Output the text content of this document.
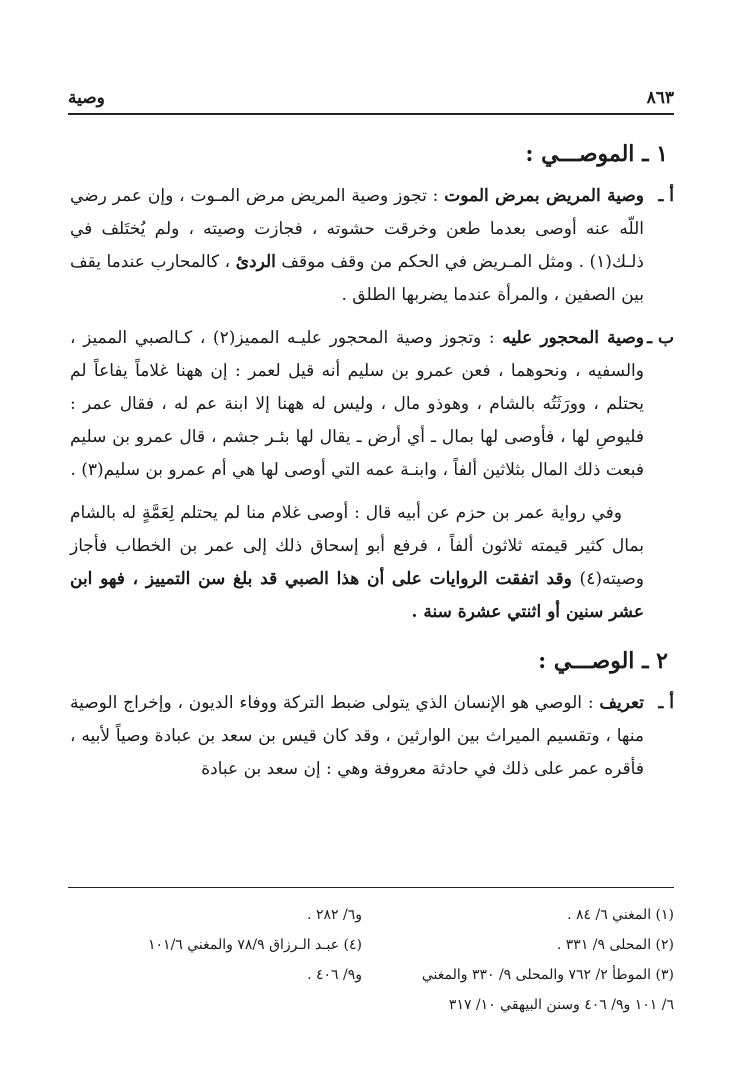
٨٦٣
وصية
١ ـ الموصـــي :
أ ـ
وصية المريض بمرض الموت : تجوز وصية المريض مرض المـوت ، وإن عمر رضي اللّه عنه أوصى بعدما طعن وخرقت حشوته ، فجازت وصيته ، ولم يُختَلف في ذلـك(١) . ومثل المـريض في الحكم من وقف موقف الردئ ، كالمحارب عندما يقف بين الصفين ، والمرأة عندما يضربها الطلق .
ب ـ
وصية المحجور عليه : وتجوز وصية المحجور عليـه المميز(٢) ، كـالصبي المميز ، والسفيه ، ونحوهما ، فعن عمرو بن سليم أنه قيل لعمر : إن ههنا غلاماً يفاعاً لم يحتلم ، وورَثَتُه بالشام ، وهوذو مال ، وليس له ههنا إلا ابنة عم له ، فقال عمر : فليوصِ لها ، فأوصى لها بمال ـ أي أرض ـ يقال لها بئـر جشم ، قال عمرو بن سليم فبعت ذلك المال بثلاثين ألفاً ، وابنـة عمه التي أوصى لها هي أم عمرو بن سليم(٣) .
وفي رواية عمر بن حزم عن أبيه قال : أوصى غلام منا لم يحتلم لِعَمَّةٍ له بالشام بمال كثير قيمته ثلاثون ألفاً ، فرفع أبو إسحاق ذلك إلى عمر بن الخطاب فأجاز وصيته(٤) وقد اتفقت الروايات على أن هذا الصبي قد بلغ سن التمييز ، فهو ابن عشر سنين أو اثنتي عشرة سنة .
٢ ـ الوصـــي :
أ ـ
تعريف : الوصي هو الإنسان الذي يتولى ضبط التركة ووفاء الديون ، وإخراج الوصية منها ، وتقسيم الميراث بين الوارثين ، وقد كان قيس بن سعد بن عبادة وصياً لأبيه ، فأقره عمر على ذلك في حادثة معروفة وهي : إن سعد بن عبادة
(١) المغني ٦/ ٨٤ .
(٢) المحلى ٩/ ٣٣١ .
(٣) الموطأ ٢/ ٧٦٢ والمحلى ٩/ ٣٣٠ والمغني
٦/ ١٠١ و٩/ ٤٠٦ وسنن البيهقي ١٠/ ٣١٧
و٦/ ٢٨٢ .
(٤) عبـد الـرزاق ٧٨/٩ والمغني ١٠١/٦
و٩/ ٤٠٦ .
